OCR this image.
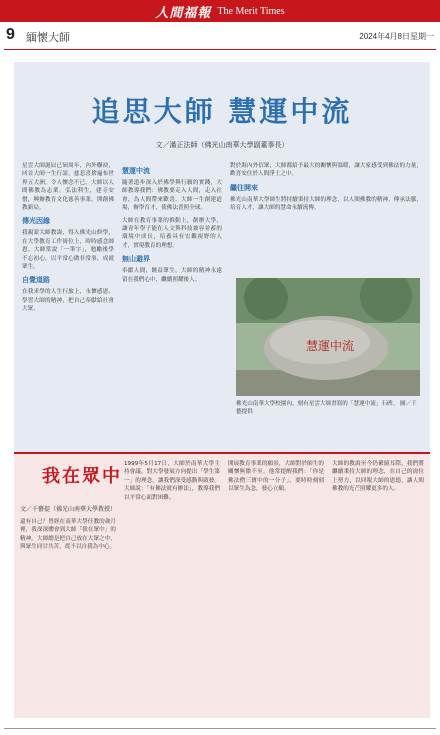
人間福報 The Merit Times
9 緬懷大師	2024年4月8日星期一
追思大師 慧運中流
文／滿正法師（佛光山南華大學副董事長）
星雲大師誕辰已屆周年，內外聯袂，回首大師一生行誼，慈悲喜捨遍布世界五大洲，令人懷念不已。大師以人間佛教為志業，弘法利生，建寺安僧，興辦教育文化慈善事業，開創佛教新局。
傳光因緣
我親蒙大師教誨，得入佛光山修學，在大學教育工作崗位上，時時感念師恩。大師常說「一筆字」，勉勵後學不忘初心，以平常心做非常事，成就眾生。
自覺道路
在我求學的人生行旅上，永懷感恩，學習大師的精神，把自己奉獻給社會大眾。
慧運中流
隨著道步深入於佛學與行願的實踐，大師教導我們：佛教要走入人間，走入社會，為人間帶來歡喜。大師一生創建道場，辦學育才，使佛法普照全球。
大師在教育事業的推動上，創辦大學，讓青年學子能在人文與科技兼容並蓄的環境中成長，培養具有宏觀視野的人才，實現教育的理想。
無山避界
奉獻人間，饒益眾生，大師的精神永遠留在我們心中，繼續照耀後人。
對於海內外信眾，大師都給予最大的關懷與溫暖，讓大家感受到佛法的力量，歡喜安住於人間淨土之中。
繼往開來
佛光山南華大學師生將持續秉持大師的理念，以人間佛教的精神，傳承法脈，培育人才，讓大師的慧命永續流傳。
慧運中流
佛光山南華大學校園內，刻有星雲大師書寫的「慧運中流」石碑。 圖／千藝提供
我在眾中
文／千藝提（佛光山南華大學教授）
還有自己？曾經在南華大學任教的歲月裡，我深深體會到大師「我在眾中」的精神。大師總是把自己放在大眾之中，與眾生同甘共苦，從不以自我為中心。
1999年5月17日，大師於南華大學主持會議，對大學發展方向提出「學生第一」的理念，讓我們深受感動與啟發。大師說：「有佛法就有辦法」，教導我們以平常心面對困難。
開展教育事業的願景，大師對於師生的關懷無微不至。他常提醒我們：「你是佛法僧三寶中的一分子」，要時時刻刻以眾生為念，發心立願。
大師的教誨至今仍縈繞耳際，我們將繼續秉持大師的理念，在自己的崗位上努力，以回報大師的恩德，讓人間佛教的光芒照耀更多的人。
